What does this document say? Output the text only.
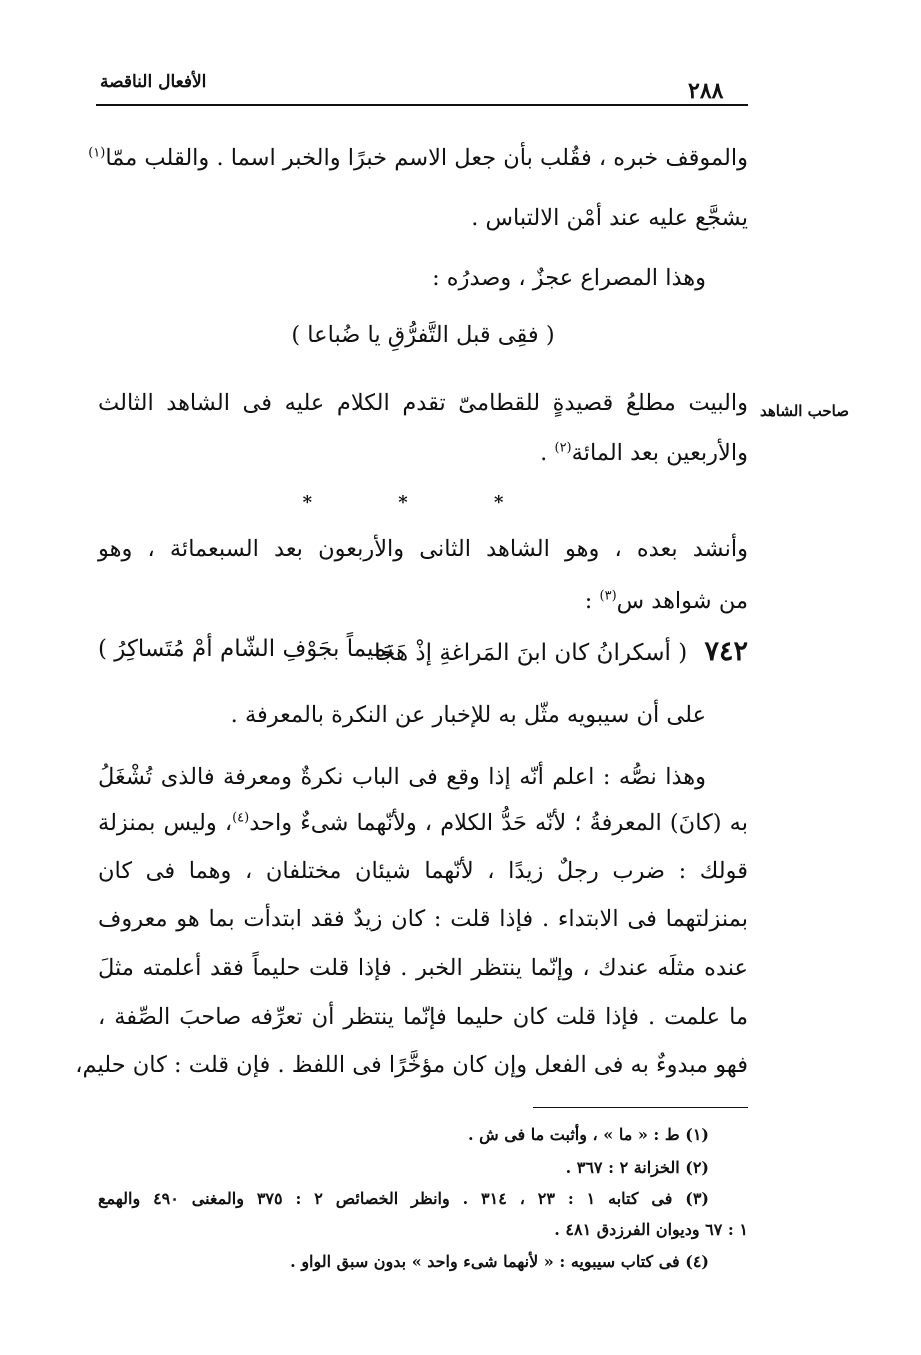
الأفعال الناقصة	٢٨٨
والموقف خبره ، فقُلب بأن جعل الاسم خبرًا والخبر اسما . والقلب ممّا$^{(١)}$
يشجَّع عليه عند أمْن الالتباس .
وهذا المصراع عجزٌ ، وصدرُه :
( فقِى قبل التَّفرُّقِ يا ضُباعا )
صاحب الشاهد
والبيت مطلعُ قصيدةٍ للقطامىّ تقدم الكلام عليه فى الشاهد الثالث
والأربعين بعد المائة$^{(٢)}$ .
* * *
وأنشد بعده ، وهو الشاهد الثانى والأربعون بعد السبعمائة ، وهو
من شواهد س$^{(٣)}$ :
٧٤٢ ( أسكرانُ كان ابنَ المَراغةِ إذْ هَجَا
تميماً بجَوْفِ الشّام أمْ مُتَساكِرُ )
على أن سيبويه مثّل به للإخبار عن النكرة بالمعرفة .
وهذا نصُّه : اعلم أنّه إذا وقع فى الباب نكرةٌ ومعرفة فالذى تُشْغَلُ
به (كانَ) المعرفةُ ؛ لأنّه حَدُّ الكلام ، ولأنّهما شىءٌ واحد$^{(٤)}$، وليس بمنزلة
قولك : ضرب رجلٌ زيدًا ، لأنّهما شيئان مختلفان ، وهما فى كان
بمنزلتهما فى الابتداء . فإذا قلت : كان زيدٌ فقد ابتدأت بما هو معروف
عنده مثلَه عندك ، وإنّما ينتظر الخبر . فإذا قلت حليماً فقد أعلمته مثلَ
ما علمت . فإذا قلت كان حليما فإنّما ينتظر أن تعرِّفه صاحبَ الصِّفة ،
فهو مبدوءٌ به فى الفعل وإن كان مؤخَّرًا فى اللفظ . فإن قلت : كان حليم،
(١) ط : « ما » ، وأثبت ما فى ش .
(٢) الخزانة ٢ : ٣٦٧ .
(٣) فى كتابه ١ : ٢٣ ، ٣١٤ . وانظر الخصائص ٢ : ٣٧٥ والمغنى ٤٩٠ والهمع
١ : ٦٧ وديوان الفرزدق ٤٨١ .
(٤) فى كتاب سيبويه : « لأنهما شىء واحد » بدون سبق الواو .
